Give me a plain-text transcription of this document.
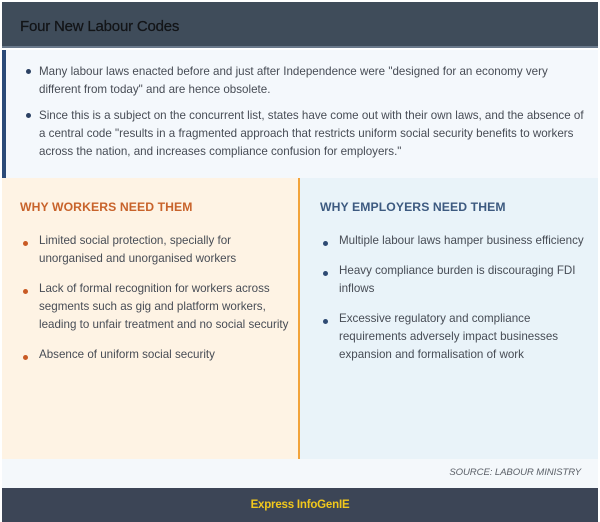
Four New Labour Codes
Many labour laws enacted before and just after Independence were "designed for an economy very different from today" and are hence obsolete.
Since this is a subject on the concurrent list, states have come out with their own laws, and the absence of a central code "results in a fragmented approach that restricts uniform social security benefits to workers across the nation, and increases compliance confusion for employers."
WHY WORKERS NEED THEM
Limited social protection, specially for unorganised and unorganised workers
Lack of formal recognition for workers across segments such as gig and platform workers, leading to unfair treatment and no social security
Absence of uniform social security
WHY EMPLOYERS NEED THEM
Multiple labour laws hamper business efficiency
Heavy compliance burden is discouraging FDI inflows
Excessive regulatory and compliance requirements adversely impact businesses expansion and formalisation of work
SOURCE: LABOUR MINISTRY
Express InfoGenIE
